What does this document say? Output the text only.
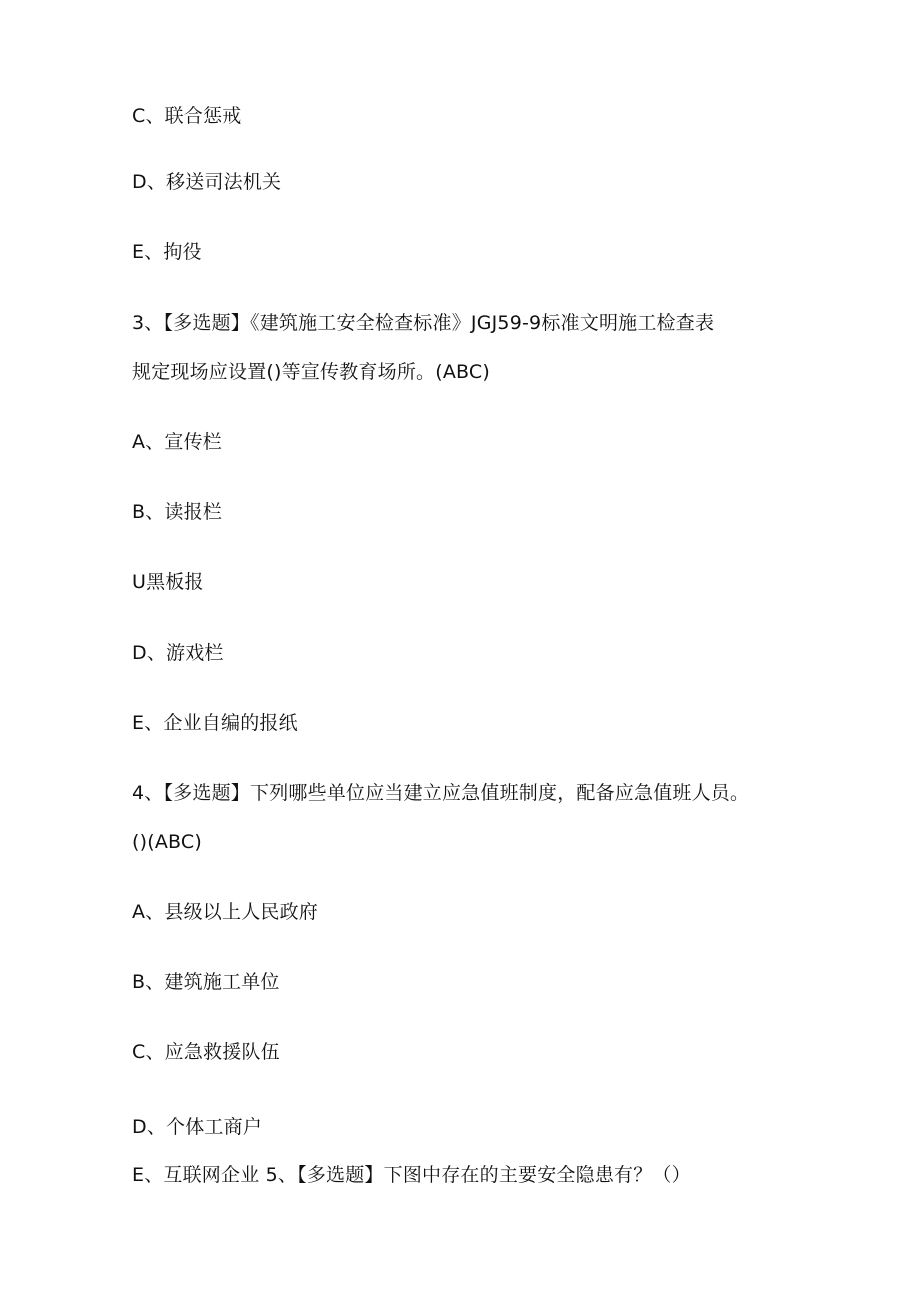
C、联合惩戒
D、移送司法机关
E、拘役
3、【多选题】《建筑施工安全检查标准》JGJ59-9标准文明施工检查表
规定现场应设置()等宣传教育场所。(ABC)
A、宣传栏
B、读报栏
U黑板报
D、游戏栏
E、企业自编的报纸
4、【多选题】下列哪些单位应当建立应急值班制度，配备应急值班人员。
()(ABC)
A、县级以上人民政府
B、建筑施工单位
C、应急救援队伍
D、个体工商户
E、互联网企业 5、【多选题】下图中存在的主要安全隐患有？（）
